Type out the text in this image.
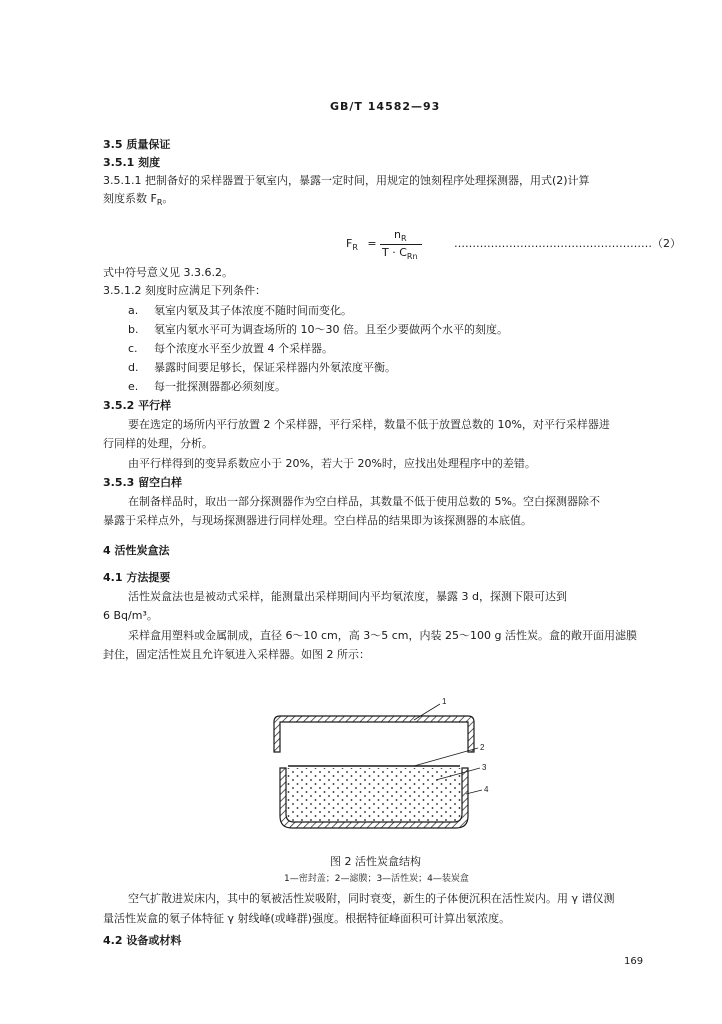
GB/T 14582—93
3.5 质量保证
3.5.1 刻度
3.5.1.1 把制备好的采样器置于氡室内，暴露一定时间，用规定的蚀刻程序处理探测器，用式(2)计算
刻度系数 $F_R$。
$F_R$ =
$n_R$
$T \cdot C_{Rn}$
………………………………………………（2）
式中符号意义见 3.3.6.2。
3.5.1.2 刻度时应满足下列条件：
a. 氡室内氡及其子体浓度不随时间而变化。
b. 氡室内氡水平可为调查场所的 10～30 倍。且至少要做两个水平的刻度。
c. 每个浓度水平至少放置 4 个采样器。
d. 暴露时间要足够长，保证采样器内外氡浓度平衡。
e. 每一批探测器都必须刻度。
3.5.2 平行样
要在选定的场所内平行放置 2 个采样器，平行采样，数量不低于放置总数的 10%，对平行采样器进
行同样的处理，分析。
由平行样得到的变异系数应小于 20%，若大于 20%时，应找出处理程序中的差错。
3.5.3 留空白样
在制备样品时，取出一部分探测器作为空白样品，其数量不低于使用总数的 5%。空白探测器除不
暴露于采样点外，与现场探测器进行同样处理。空白样品的结果即为该探测器的本底值。
4 活性炭盒法
4.1 方法提要
活性炭盒法也是被动式采样，能测量出采样期间内平均氡浓度，暴露 3 d，探测下限可达到
6 Bq/m³。
采样盒用塑料或金属制成，直径 6～10 cm，高 3～5 cm，内装 25～100 g 活性炭。盒的敞开面用滤膜
封住，固定活性炭且允许氡进入采样器。如图 2 所示：
1
2
3
4
图 2 活性炭盒结构
1—密封盖；2—滤膜；3—活性炭；4—装炭盒
空气扩散进炭床内，其中的氡被活性炭吸附，同时衰变，新生的子体便沉积在活性炭内。用 γ 谱仪测
量活性炭盒的氡子体特征 γ 射线峰(或峰群)强度。根据特征峰面积可计算出氡浓度。
4.2 设备或材料
169
